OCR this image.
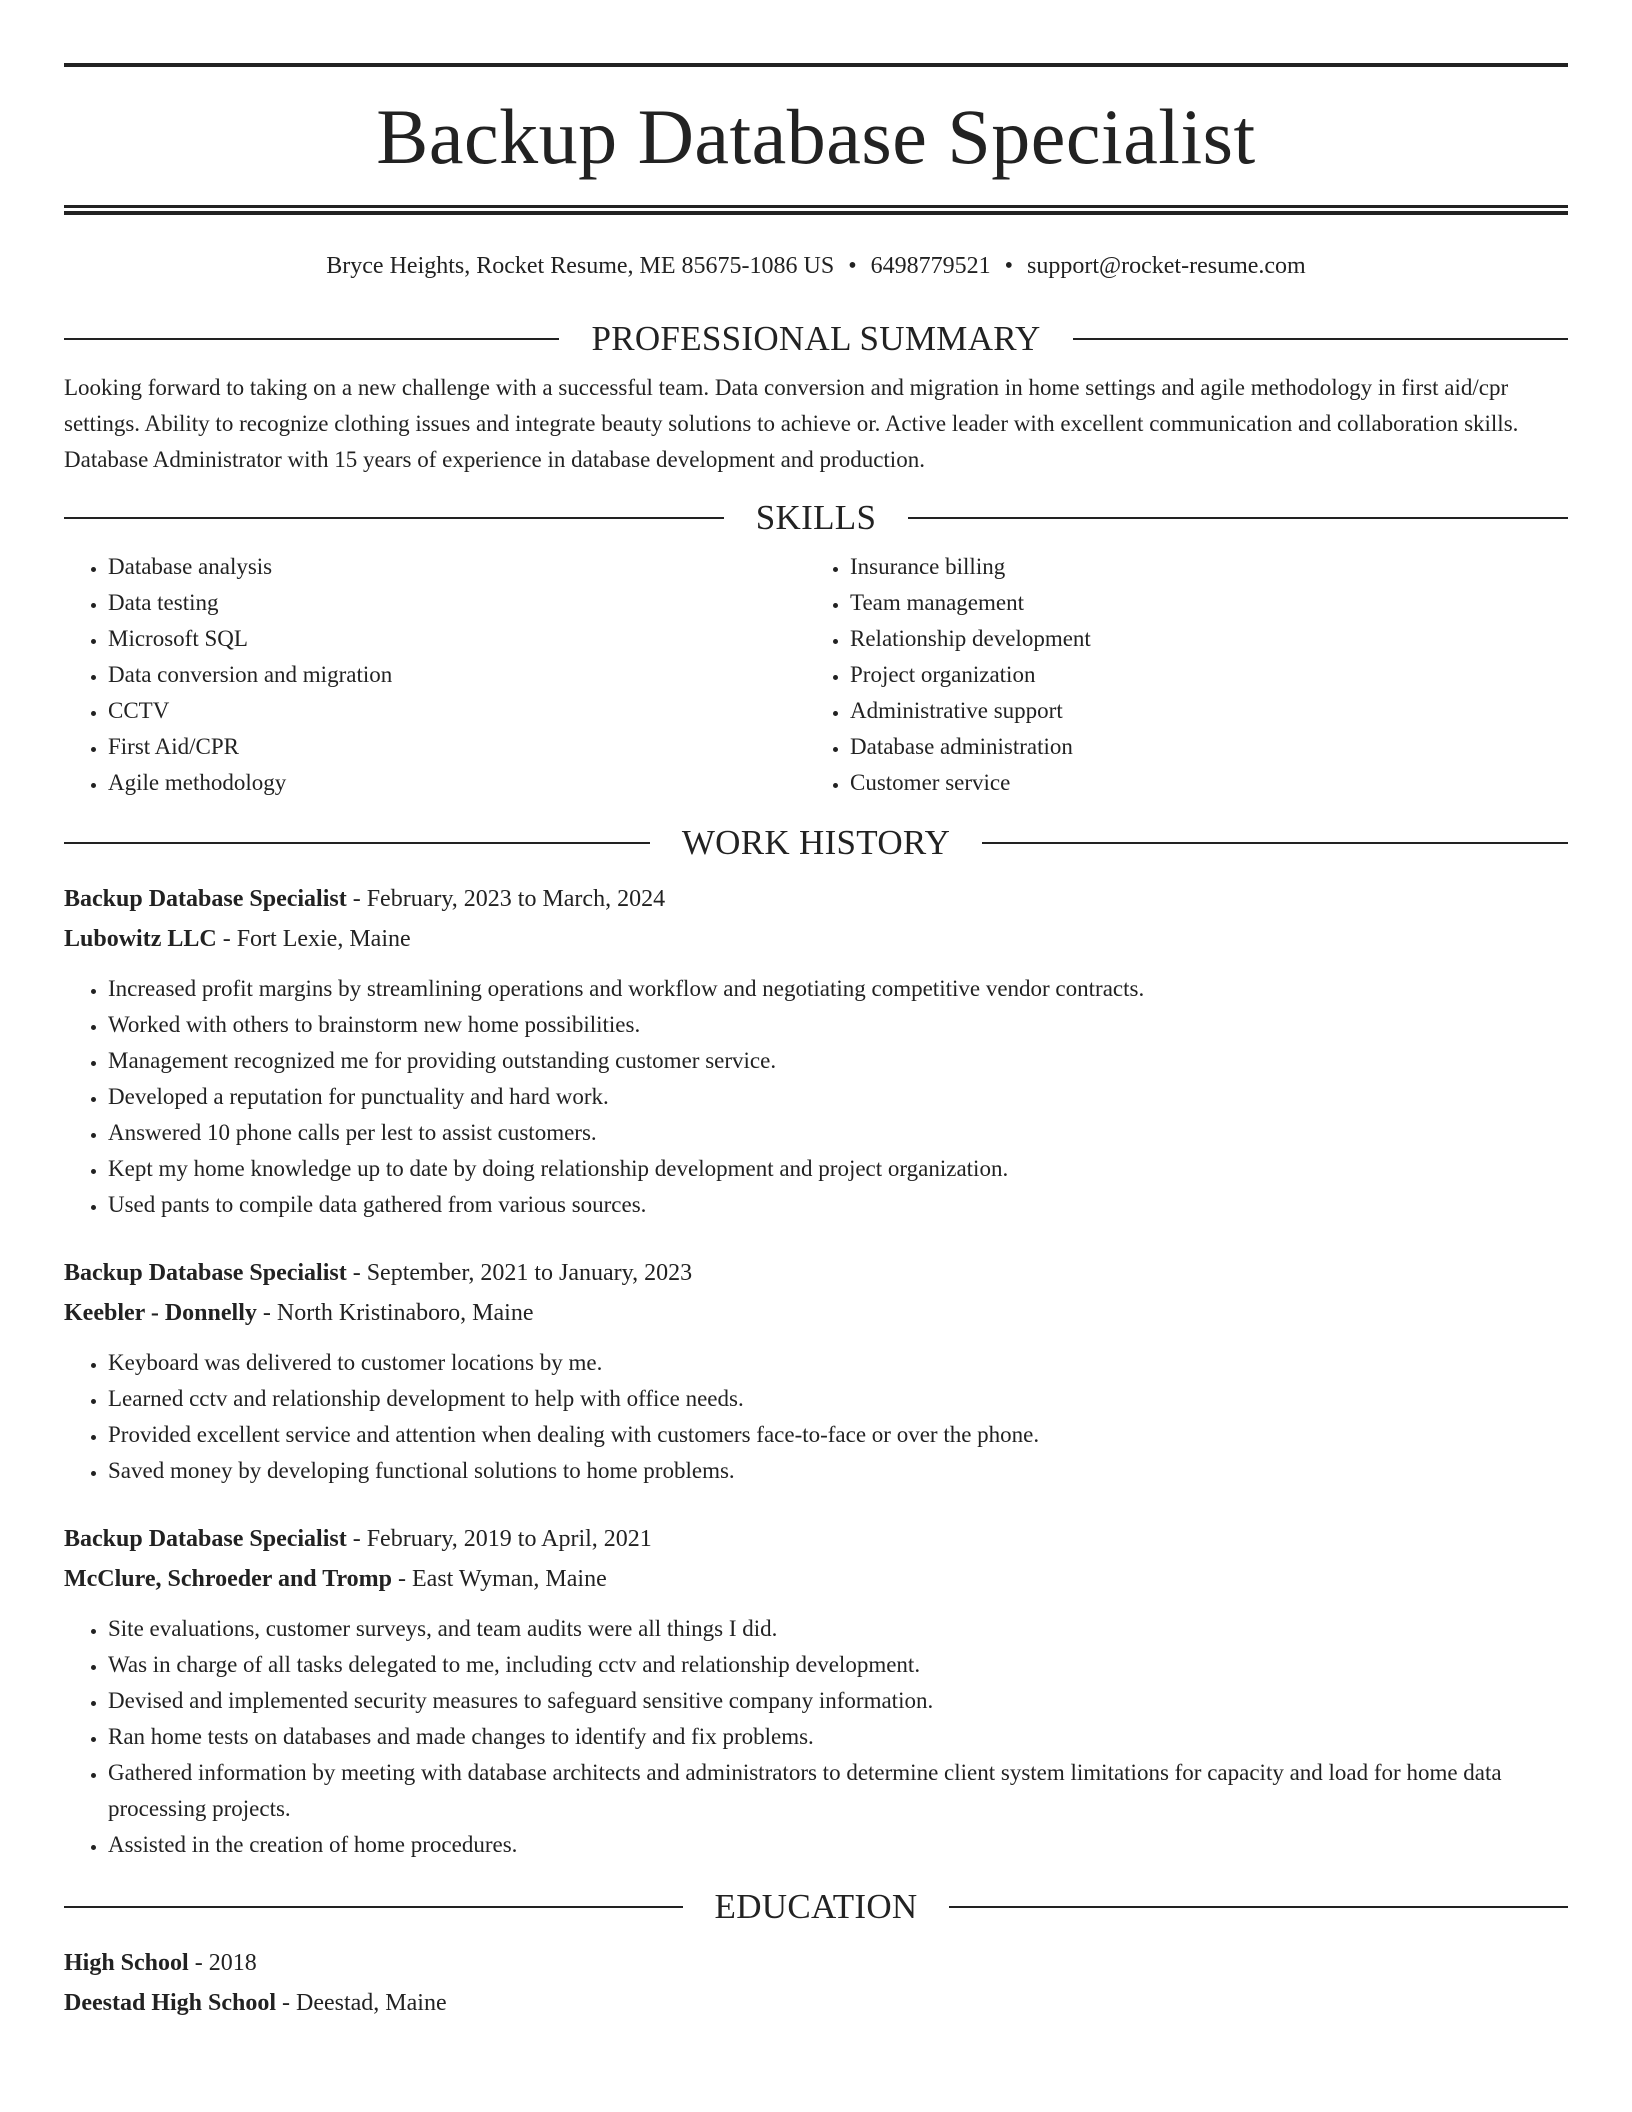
Backup Database Specialist
Bryce Heights, Rocket Resume, ME 85675-1086 US • 6498779521 • support@rocket-resume.com
PROFESSIONAL SUMMARY

Looking forward to taking on a new challenge with a successful team. Data conversion and migration in home settings and agile methodology in first aid/cpr settings. Ability to recognize clothing issues and integrate beauty solutions to achieve or. Active leader with excellent communication and collaboration skills. Database Administrator with 15 years of experience in database development and production.

SKILLS
• Database analysis
• Data testing
• Microsoft SQL
• Data conversion and migration
• CCTV
• First Aid/CPR
• Agile methodology
• Insurance billing
• Team management
• Relationship development
• Project organization
• Administrative support
• Database administration
• Customer service
WORK HISTORY
Backup Database Specialist - February, 2023 to March, 2024
Lubowitz LLC - Fort Lexie, Maine
• Increased profit margins by streamlining operations and workflow and negotiating competitive vendor contracts.
• Worked with others to brainstorm new home possibilities.
• Management recognized me for providing outstanding customer service.
• Developed a reputation for punctuality and hard work.
• Answered 10 phone calls per lest to assist customers.
• Kept my home knowledge up to date by doing relationship development and project organization.
• Used pants to compile data gathered from various sources.
Backup Database Specialist - September, 2021 to January, 2023
Keebler - Donnelly - North Kristinaboro, Maine
• Keyboard was delivered to customer locations by me.
• Learned cctv and relationship development to help with office needs.
• Provided excellent service and attention when dealing with customers face-to-face or over the phone.
• Saved money by developing functional solutions to home problems.
Backup Database Specialist - February, 2019 to April, 2021
McClure, Schroeder and Tromp - East Wyman, Maine
• Site evaluations, customer surveys, and team audits were all things I did.
• Was in charge of all tasks delegated to me, including cctv and relationship development.
• Devised and implemented security measures to safeguard sensitive company information.
• Ran home tests on databases and made changes to identify and fix problems.
• Gathered information by meeting with database architects and administrators to determine client system limitations for capacity and load for home data processing projects.
• Assisted in the creation of home procedures.
EDUCATION
High School - 2018
Deestad High School - Deestad, Maine
